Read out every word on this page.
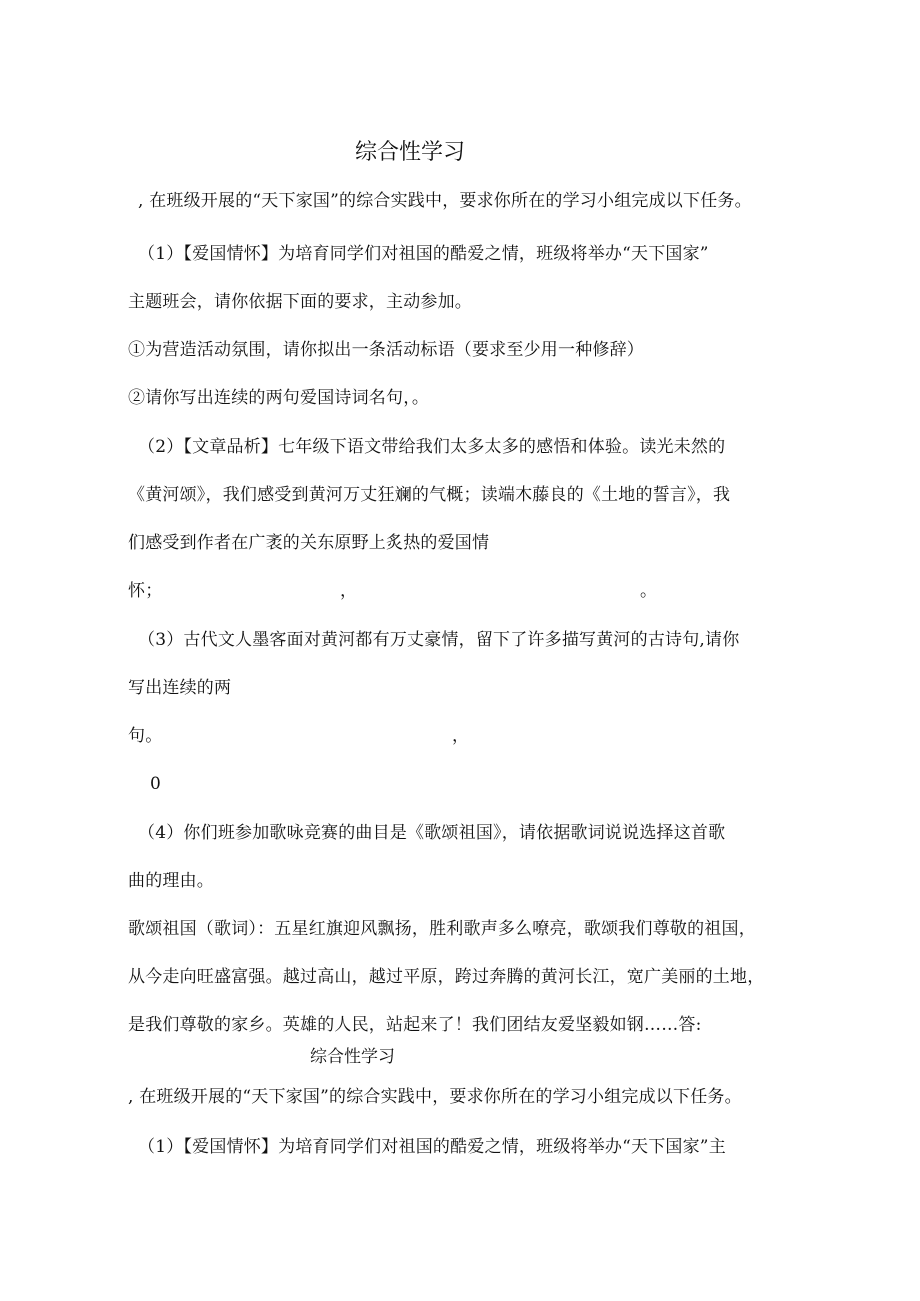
综合性学习
, 在班级开展的“天下家国”的综合实践中，要求你所在的学习小组完成以下任务。
（1）【爱国情怀】为培育同学们对祖国的酷爱之情，班级将举办“天下国家”
主题班会，请你依据下面的要求，主动参加。
①为营造活动氛围，请你拟出一条活动标语（要求至少用一种修辞）
②请你写出连续的两句爱国诗词名句，。
（2）【文章品析】七年级下语文带给我们太多太多的感悟和体验。读光未然的
《黄河颂》，我们感受到黄河万丈狂斓的气概；读端木藤良的《土地的誓言》，我
们感受到作者在广袤的关东原野上炙热的爱国情
怀；	，	。
（3）古代文人墨客面对黄河都有万丈豪情，留下了许多描写黄河的古诗句,请你
写出连续的两
句。	，
0
（4）你们班参加歌咏竞赛的曲目是《歌颂祖国》，请依据歌词说说选择这首歌
曲的理由。
歌颂祖国（歌词）：五星红旗迎风飘扬，胜利歌声多么嘹亮，歌颂我们尊敬的祖国，
从今走向旺盛富强。越过高山，越过平原，跨过奔腾的黄河长江，宽广美丽的土地，
是我们尊敬的家乡。英雄的人民，站起来了！我们团结友爱坚毅如钢……答:
综合性学习
, 在班级开展的“天下家国”的综合实践中，要求你所在的学习小组完成以下任务。
（1）【爱国情怀】为培育同学们对祖国的酷爱之情，班级将举办“天下国家”主
